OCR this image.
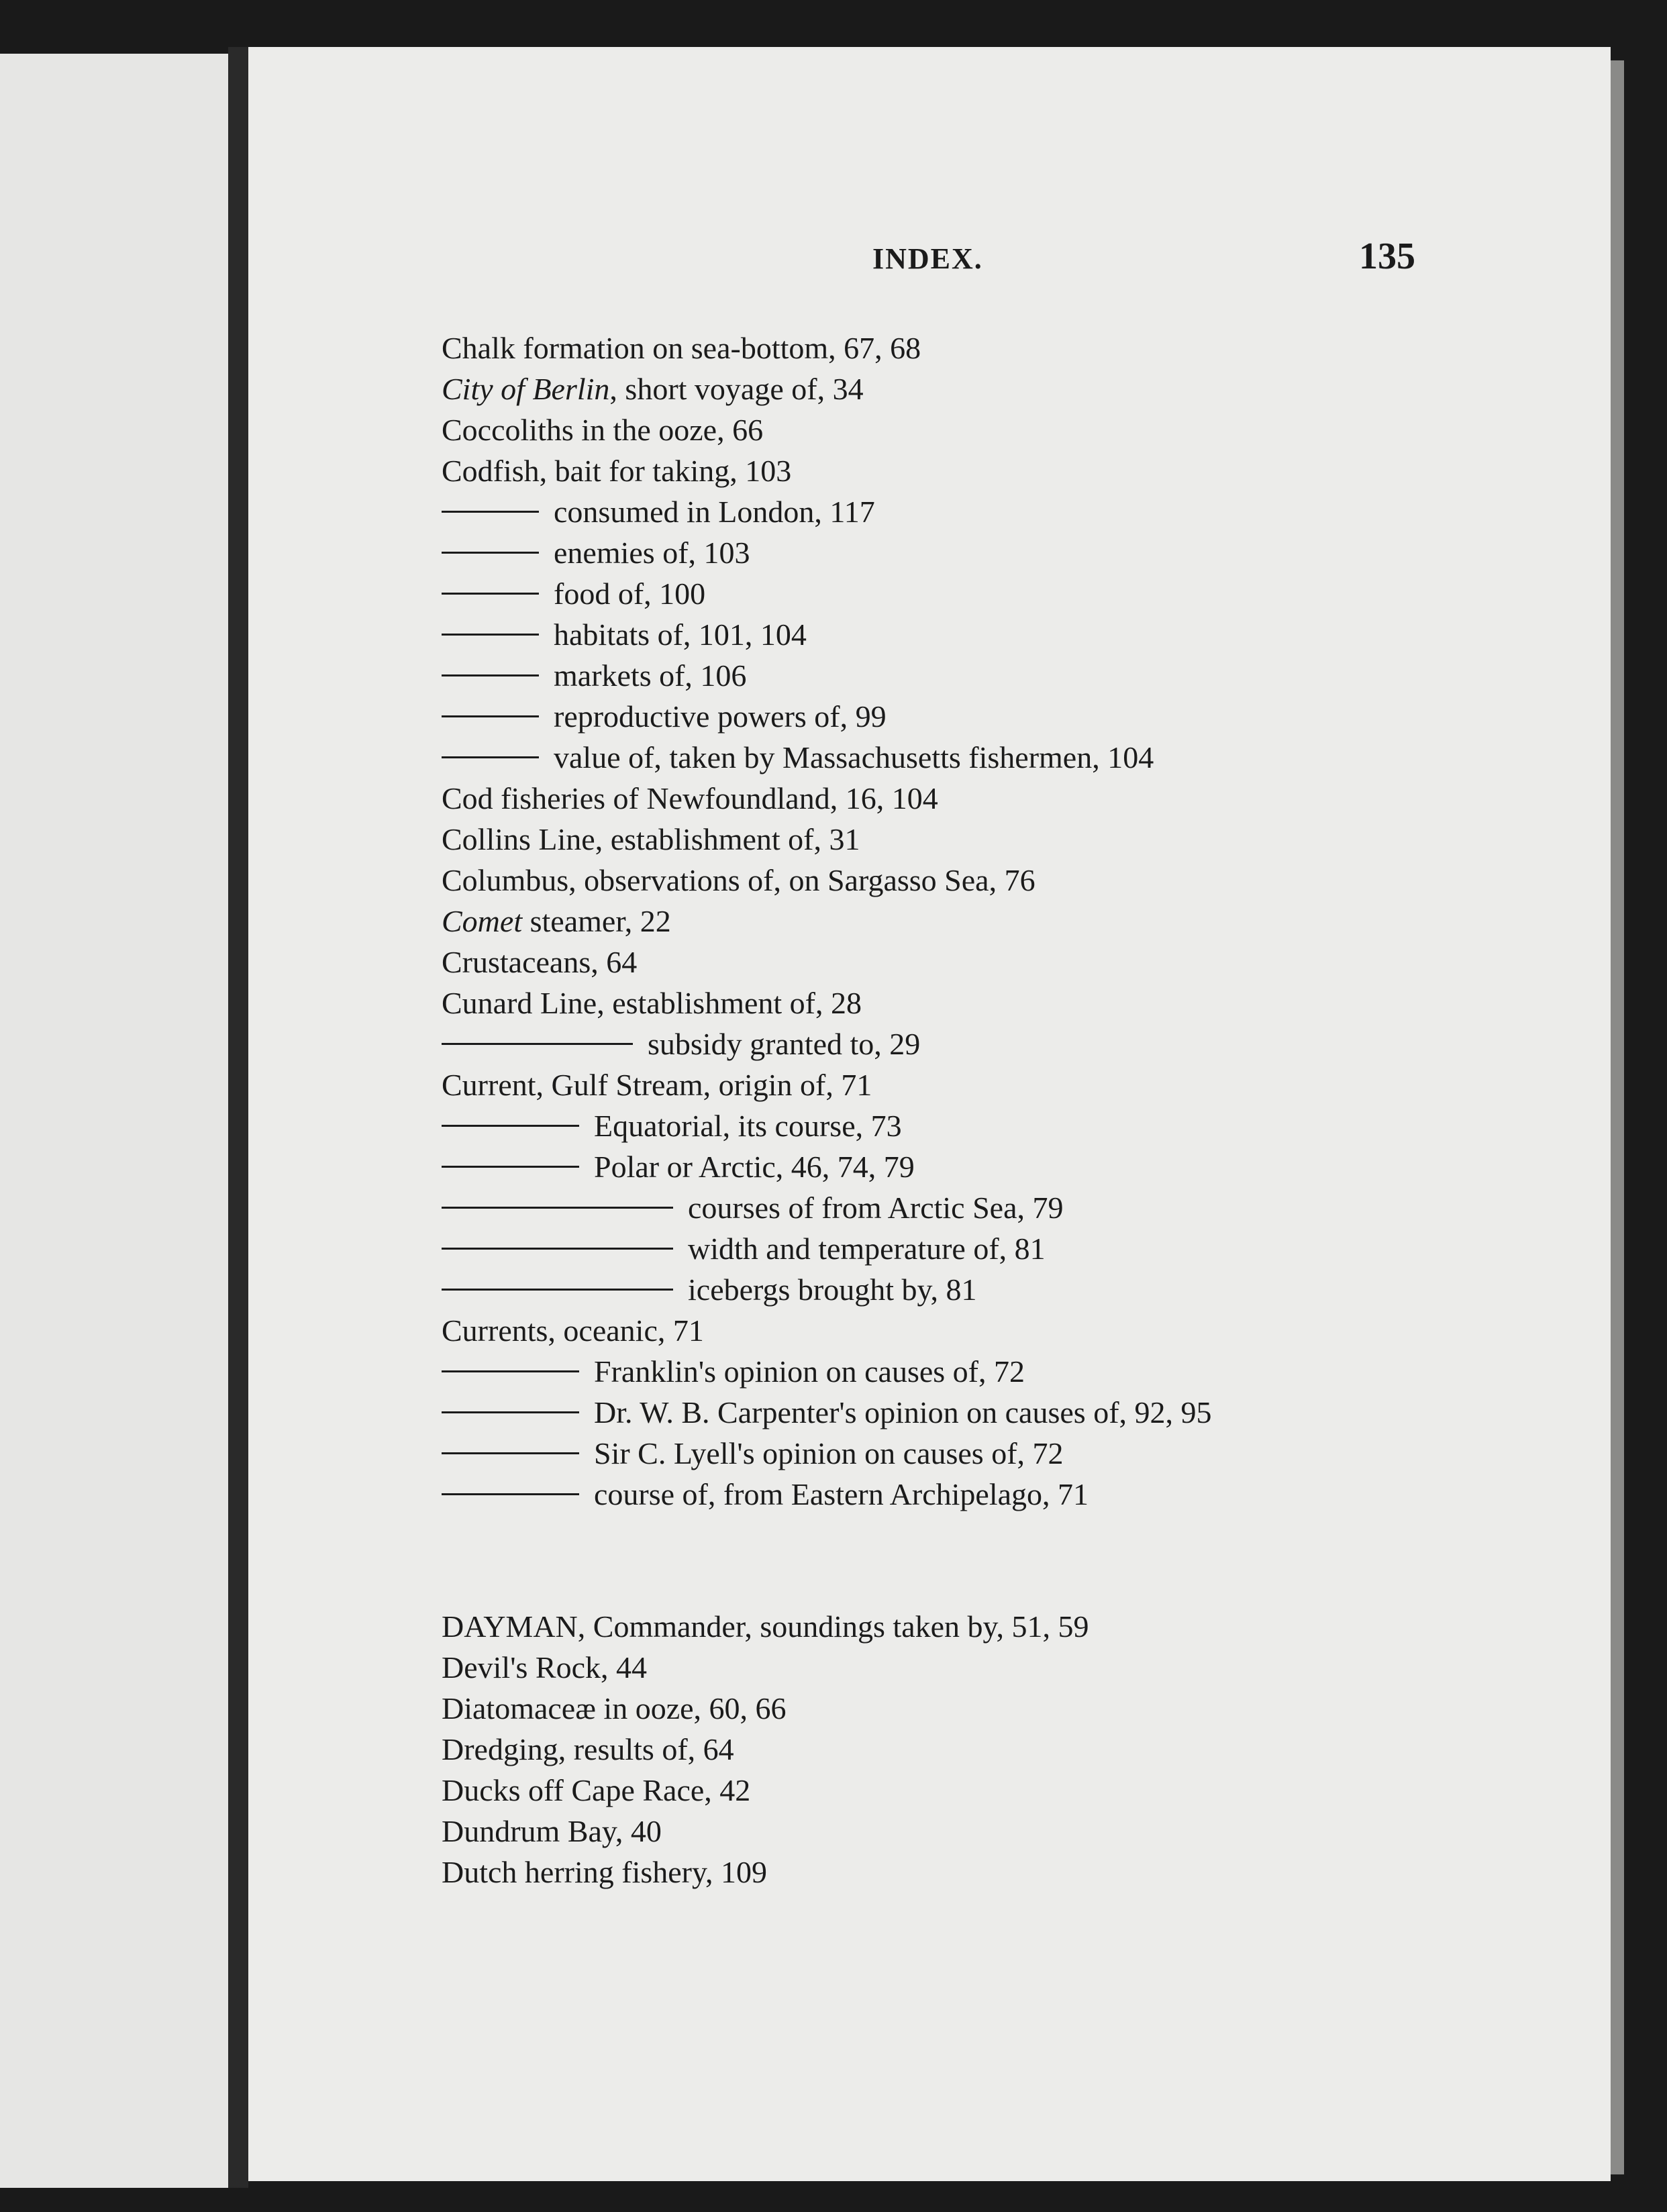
INDEX.	135
Chalk formation on sea-bottom, 67, 68
City of Berlin, short voyage of, 34
Coccoliths in the ooze, 66
Codfish, bait for taking, 103
consumed in London, 117
enemies of, 103
food of, 100
habitats of, 101, 104
markets of, 106
reproductive powers of, 99
value of, taken by Massachusetts fishermen, 104
Cod fisheries of Newfoundland, 16, 104
Collins Line, establishment of, 31
Columbus, observations of, on Sargasso Sea, 76
Comet steamer, 22
Crustaceans, 64
Cunard Line, establishment of, 28
subsidy granted to, 29
Current, Gulf Stream, origin of, 71
Equatorial, its course, 73
Polar or Arctic, 46, 74, 79
courses of from Arctic Sea, 79
width and temperature of, 81
icebergs brought by, 81
Currents, oceanic, 71
Franklin's opinion on causes of, 72
Dr. W. B. Carpenter's opinion on causes of, 92, 95
Sir C. Lyell's opinion on causes of, 72
course of, from Eastern Archipelago, 71
DAYMAN, Commander, soundings taken by, 51, 59
Devil's Rock, 44
Diatomaceæ in ooze, 60, 66
Dredging, results of, 64
Ducks off Cape Race, 42
Dundrum Bay, 40
Dutch herring fishery, 109
